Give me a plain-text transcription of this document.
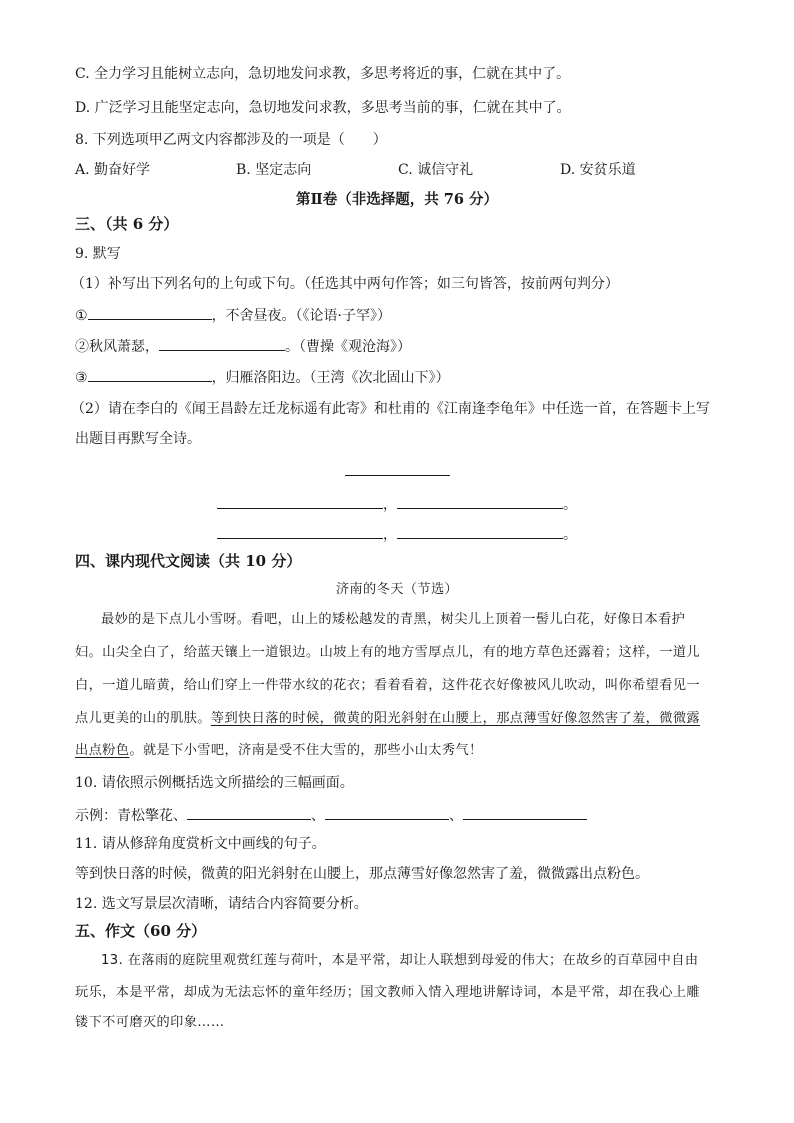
C. 全力学习且能树立志向，急切地发问求教，多思考将近的事，仁就在其中了。
D. 广泛学习且能坚定志向，急切地发问求教，多思考当前的事，仁就在其中了。
8. 下列选项甲乙两文内容都涉及的一项是（　　）
A. 勤奋好学	B. 坚定志向	C. 诚信守礼	D. 安贫乐道
第Ⅱ卷（非选择题，共 76 分）
三、（共 6 分）
9. 默写
（1）补写出下列名句的上句或下句。（任选其中两句作答；如三句皆答，按前两句判分）
①	，不舍昼夜。（《论语·子罕》）
②秋风萧瑟，	。（曹操《观沧海》）
③	，归雁洛阳边。（王湾《次北固山下》）
（2）请在李白的《闻王昌龄左迁龙标遥有此寄》和杜甫的《江南逢李龟年》中任选一首，在答题卡上写
出题目再默写全诗。
，	。
，	。
四、课内现代文阅读（共 10 分）
济南的冬天（节选）
最妙的是下点儿小雪呀。看吧，山上的矮松越发的青黑，树尖儿上顶着一髻儿白花，好像日本看护
妇。山尖全白了，给蓝天镶上一道银边。山坡上有的地方雪厚点儿，有的地方草色还露着；这样，一道儿
白，一道儿暗黄，给山们穿上一件带水纹的花衣；看着看着，这件花衣好像被风儿吹动，叫你希望看见一
点儿更美的山的肌肤。等到快日落的时候，微黄的阳光斜射在山腰上，那点薄雪好像忽然害了羞，微微露
出点粉色。就是下小雪吧，济南是受不住大雪的，那些小山太秀气！
10. 请依照示例概括选文所描绘的三幅画面。
示例：青松擎花、	、	、
11. 请从修辞角度赏析文中画线的句子。
等到快日落的时候，微黄的阳光斜射在山腰上，那点薄雪好像忽然害了羞，微微露出点粉色。
12. 选文写景层次清晰，请结合内容简要分析。
五、作文（60 分）
13. 在落雨的庭院里观赏红莲与荷叶，本是平常，却让人联想到母爱的伟大；在故乡的百草园中自由
玩乐，本是平常，却成为无法忘怀的童年经历；国文教师入情入理地讲解诗词，本是平常，却在我心上雕
镂下不可磨灭的印象……
